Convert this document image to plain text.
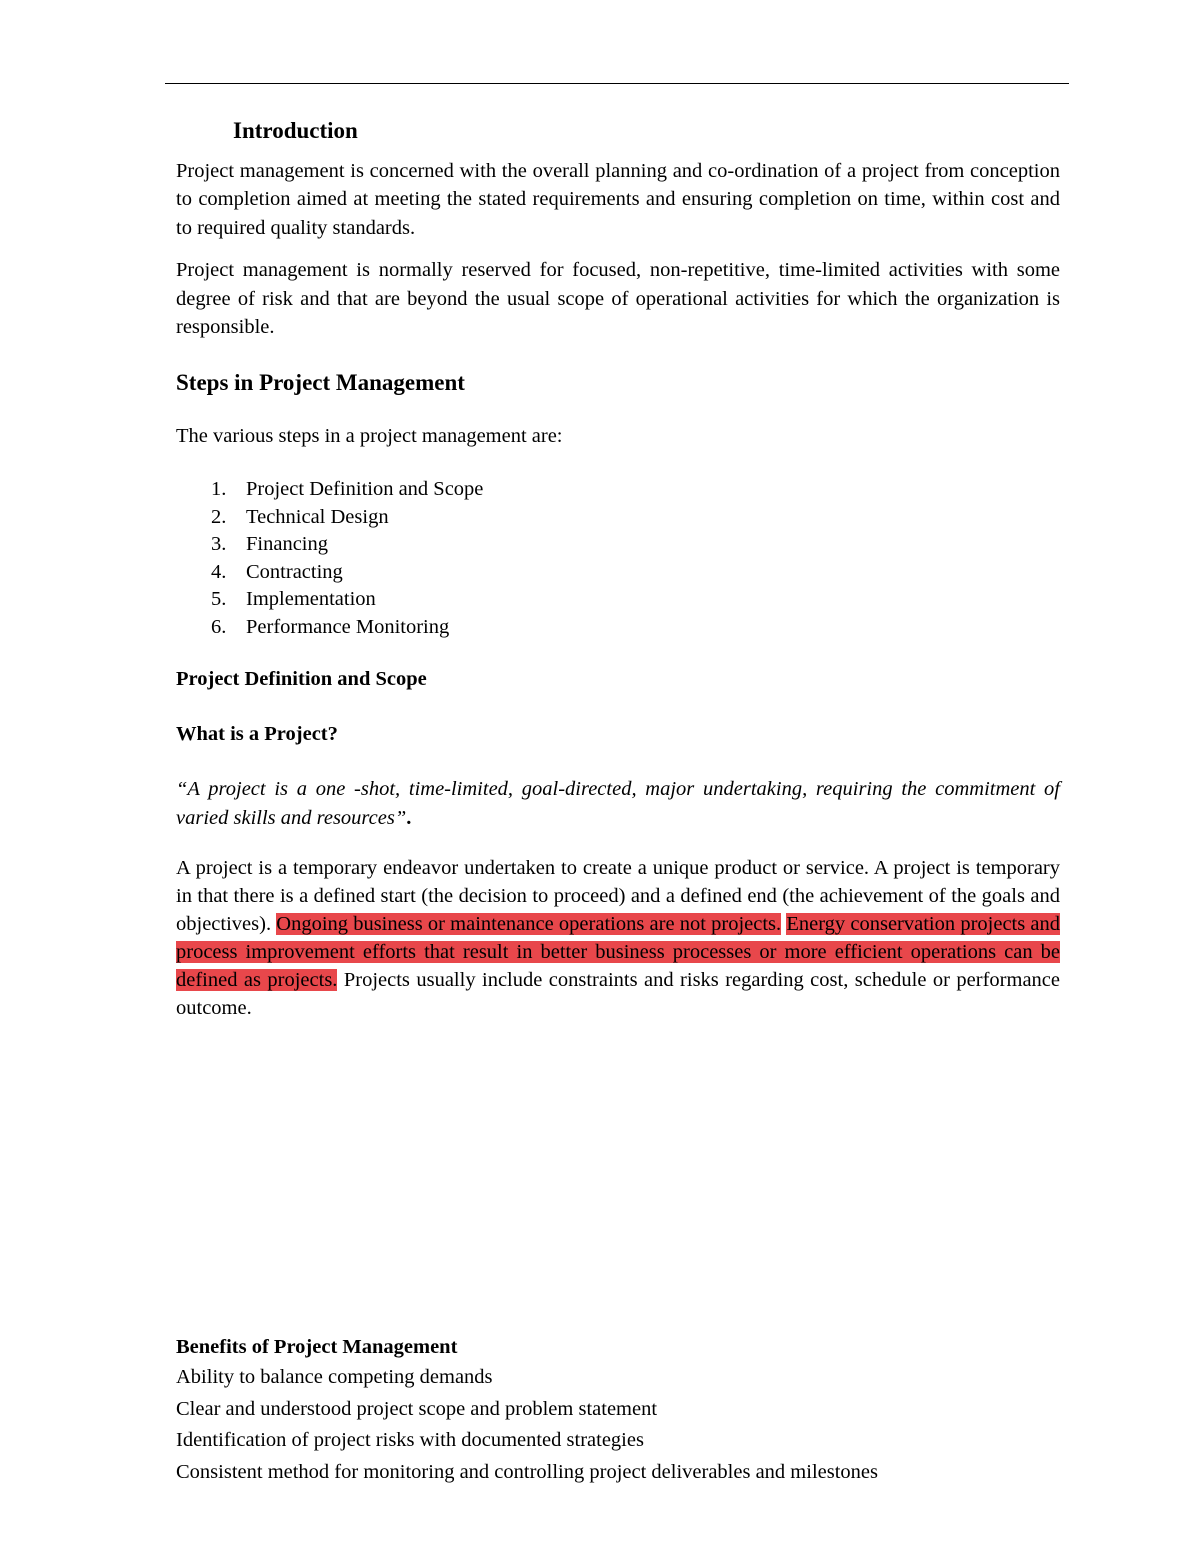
Introduction

Project management is concerned with the overall planning and co-ordination of a project from conception to completion aimed at meeting the stated requirements and ensuring completion on time, within cost and to required quality standards.

Project management is normally reserved for focused, non-repetitive, time-limited activities with some degree of risk and that are beyond the usual scope of operational activities for which the organization is responsible.

Steps in Project Management
The various steps in a project management are:
1. Project Definition and Scope
2. Technical Design
3. Financing
4. Contracting
5. Implementation
6. Performance Monitoring
Project Definition and Scope
What is a Project?

“A project is a one -shot, time-limited, goal-directed, major undertaking, requiring the commitment of varied skills and resources”.

A project is a temporary endeavor undertaken to create a unique product or service. A project is temporary in that there is a defined start (the decision to proceed) and a defined end (the achievement of the goals and objectives). Ongoing business or maintenance operations are not projects. Energy conservation projects and process improvement efforts that result in better business processes or more efficient operations can be defined as projects. Projects usually include constraints and risks regarding cost, schedule or performance outcome.

Benefits of Project Management
Ability to balance competing demands
Clear and understood project scope and problem statement
Identification of project risks with documented strategies
Consistent method for monitoring and controlling project deliverables and milestones
